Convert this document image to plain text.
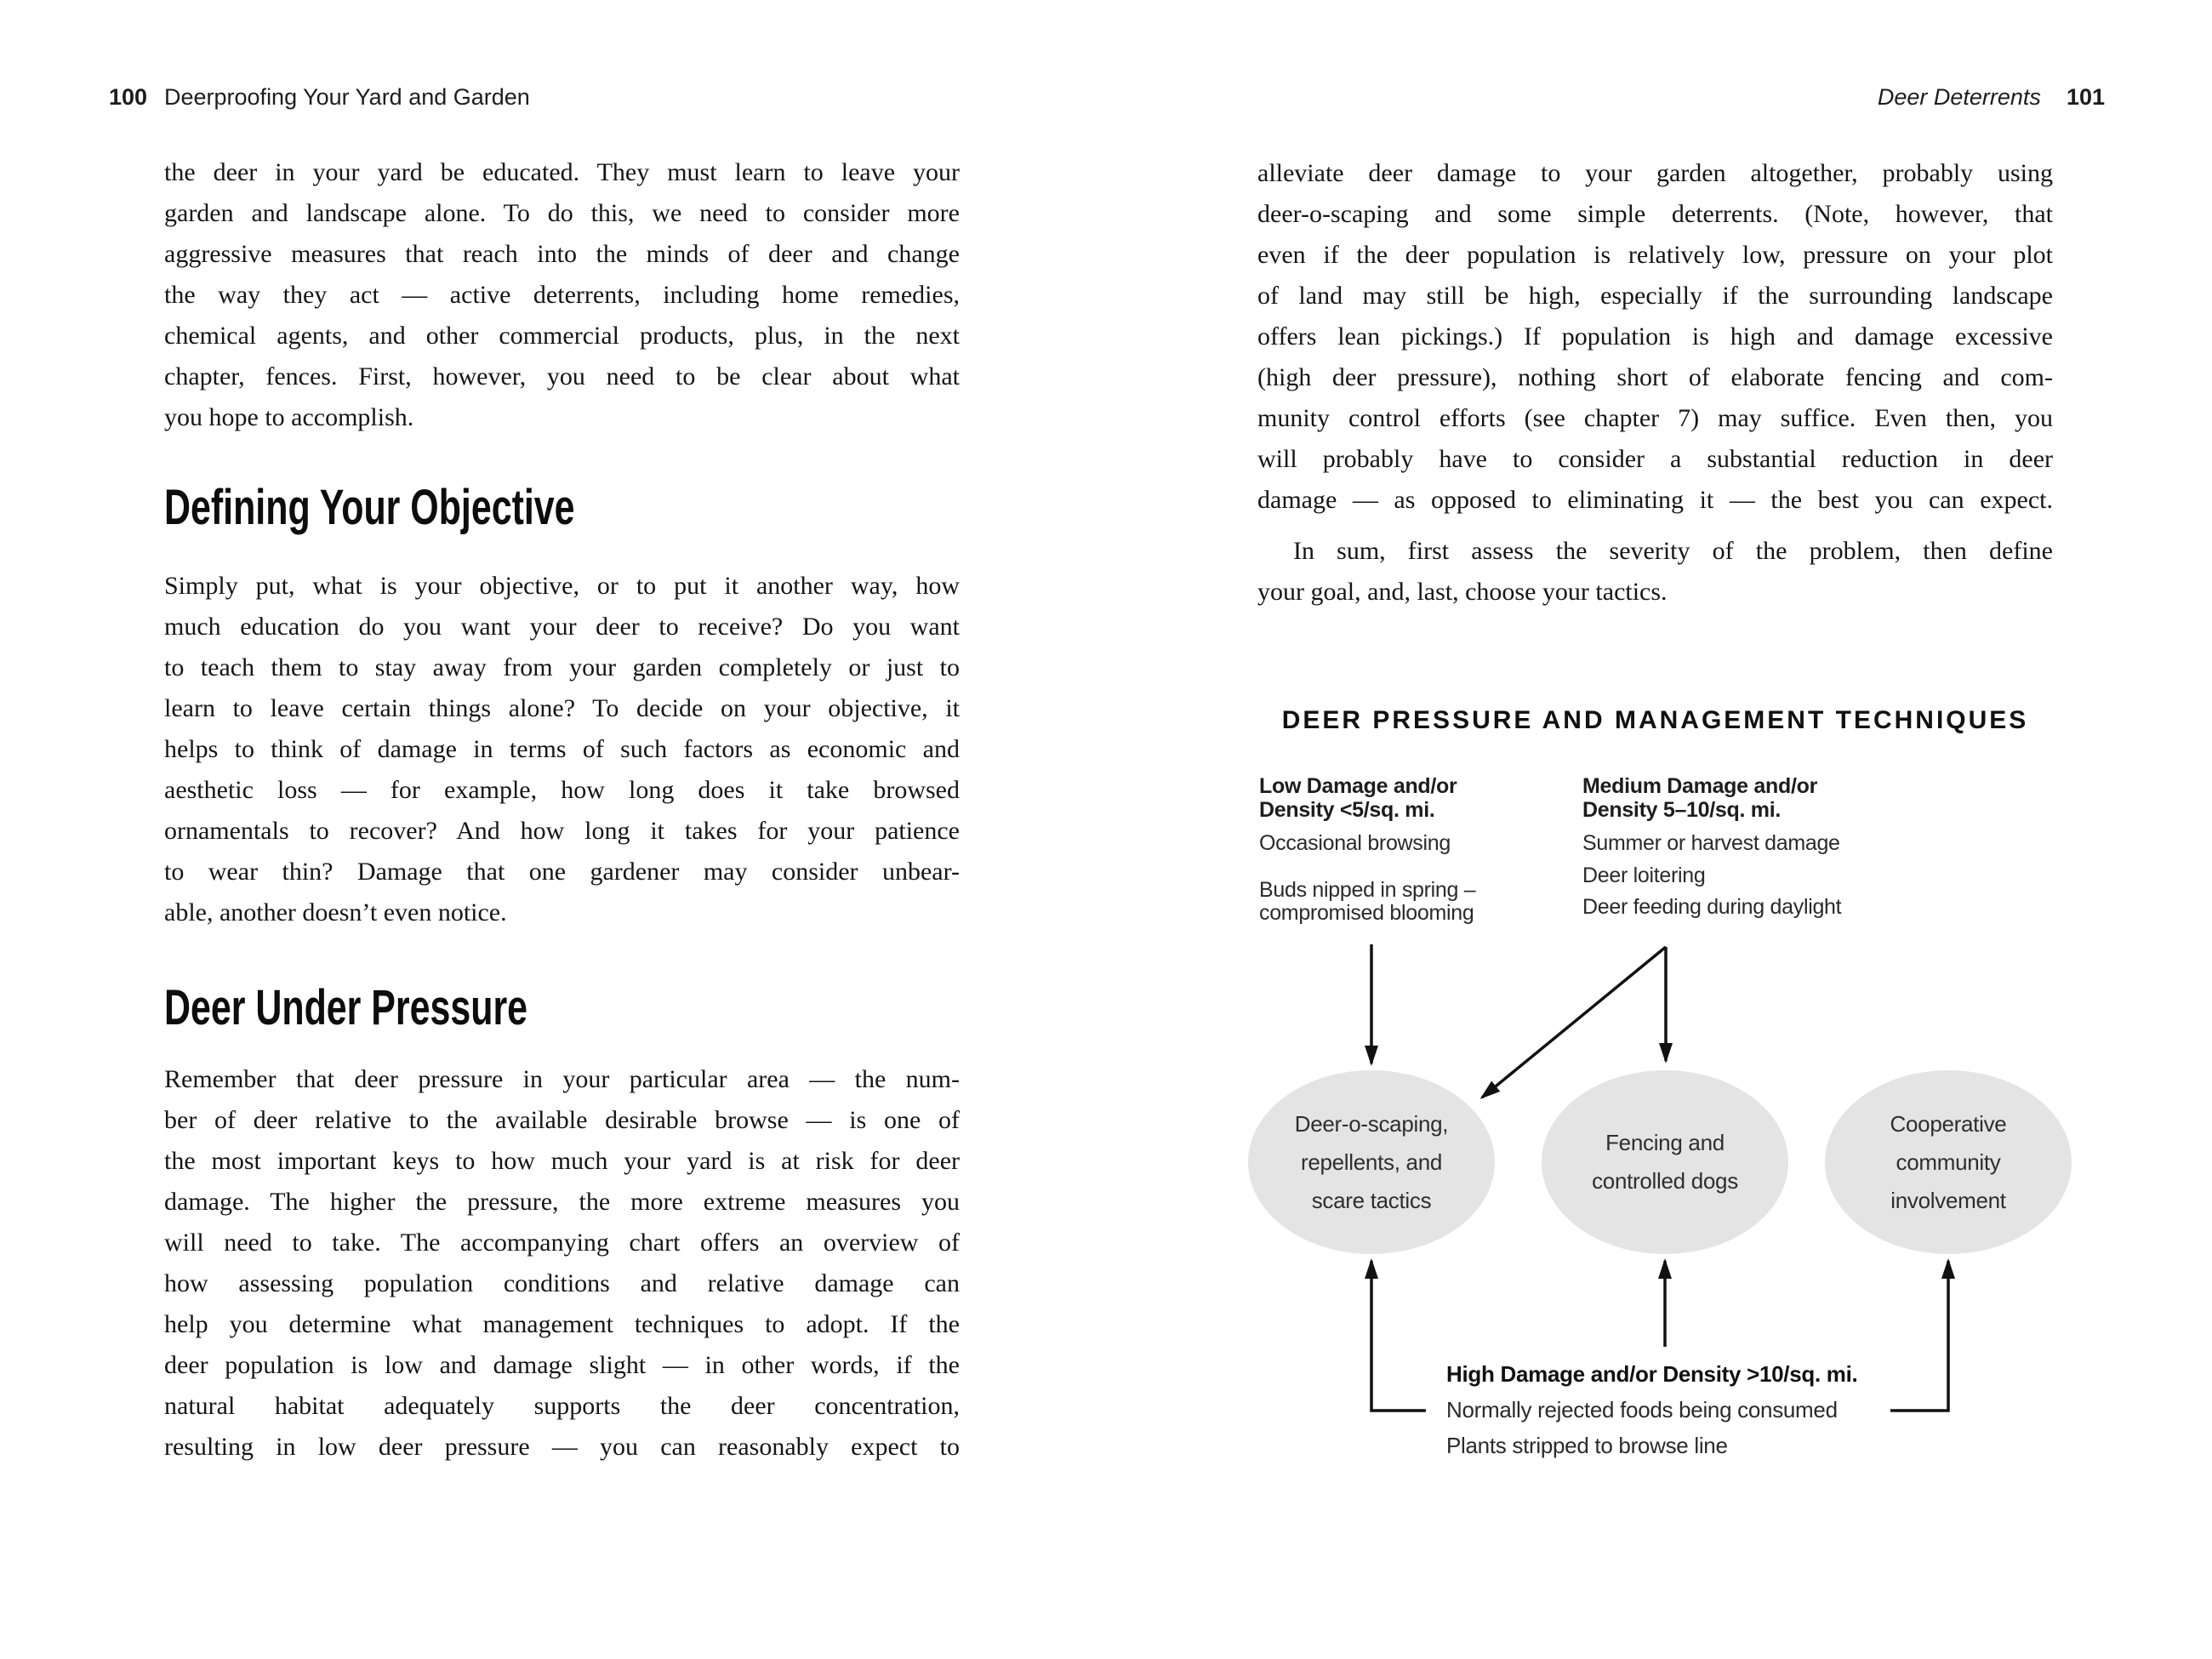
100 Deerproofing Your Yard and Garden	Deer Deterrents 101
the deer in your yard be educated. They must learn to leave your
garden and landscape alone. To do this, we need to consider more
aggressive measures that reach into the minds of deer and change
the way they act — active deterrents, including home remedies,
chemical agents, and other commercial products, plus, in the next
chapter, fences. First, however, you need to be clear about what
you hope to accomplish.
Defining Your Objective
Simply put, what is your objective, or to put it another way, how
much education do you want your deer to receive? Do you want
to teach them to stay away from your garden completely or just to
learn to leave certain things alone? To decide on your objective, it
helps to think of damage in terms of such factors as economic and
aesthetic loss — for example, how long does it take browsed
ornamentals to recover? And how long it takes for your patience
to wear thin? Damage that one gardener may consider unbear-
able, another doesn’t even notice.
Deer Under Pressure
Remember that deer pressure in your particular area — the num-
ber of deer relative to the available desirable browse — is one of
the most important keys to how much your yard is at risk for deer
damage. The higher the pressure, the more extreme measures you
will need to take. The accompanying chart offers an overview of
how assessing population conditions and relative damage can
help you determine what management techniques to adopt. If the
deer population is low and damage slight — in other words, if the
natural habitat adequately supports the deer concentration,
resulting in low deer pressure — you can reasonably expect to
alleviate deer damage to your garden altogether, probably using
deer-o-scaping and some simple deterrents. (Note, however, that
even if the deer population is relatively low, pressure on your plot
of land may still be high, especially if the surrounding landscape
offers lean pickings.) If population is high and damage excessive
(high deer pressure), nothing short of elaborate fencing and com-
munity control efforts (see chapter 7) may suffice. Even then, you
will probably have to consider a substantial reduction in deer
damage — as opposed to eliminating it — the best you can expect.
In sum, first assess the severity of the problem, then define
your goal, and, last, choose your tactics.
DEER PRESSURE AND MANAGEMENT TECHNIQUES
Low Damage and/or
Density <5/sq. mi.
Occasional browsing
Buds nipped in spring –
compromised blooming
Medium Damage and/or
Density 5–10/sq. mi.
Summer or harvest damage
Deer loitering
Deer feeding during daylight
Deer-o-scaping,
repellents, and
scare tactics
Fencing and
controlled dogs
Cooperative
community
involvement
High Damage and/or Density >10/sq. mi.
Normally rejected foods being consumed
Plants stripped to browse line
